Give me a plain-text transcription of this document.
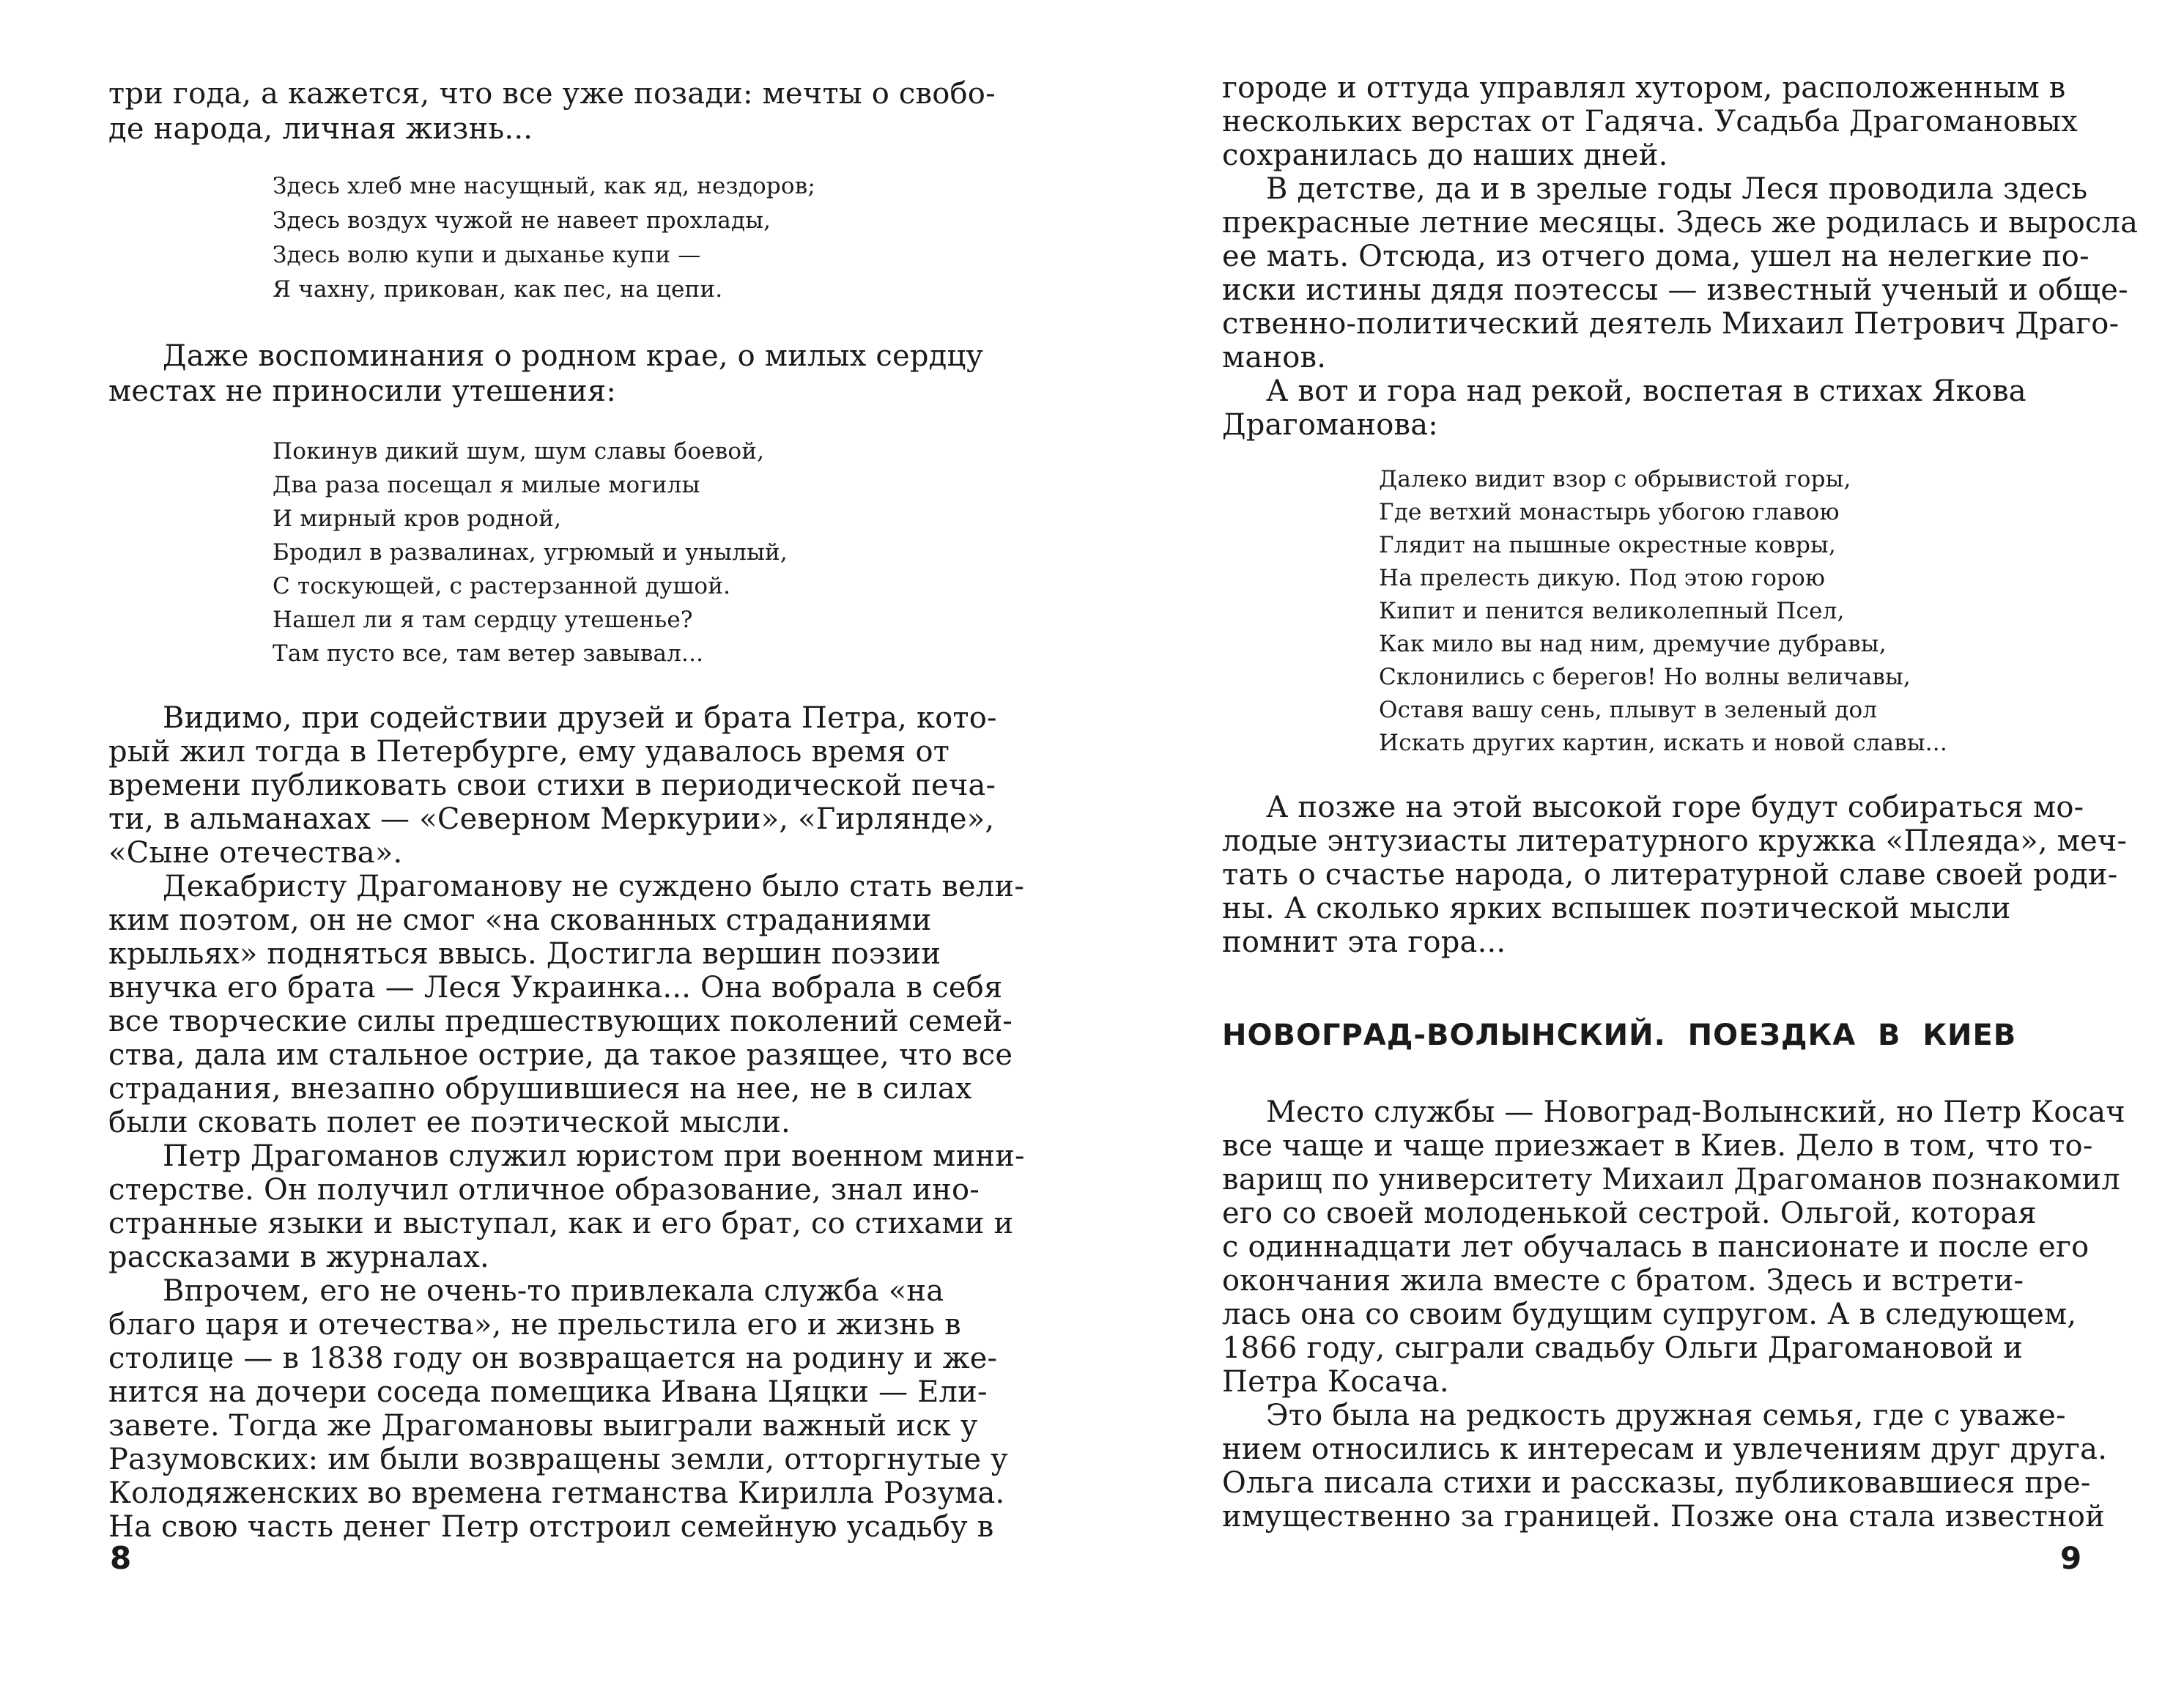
три года, а кажется, что все уже позади: мечты о свобо-
де народа, личная жизнь...
Здесь хлеб мне насущный, как яд, нездоров;
Здесь воздух чужой не навеет прохлады,
Здесь волю купи и дыханье купи —
Я чахну, прикован, как пес, на цепи.
Даже воспоминания о родном крае, о милых сердцу
местах не приносили утешения:
Покинув дикий шум, шум славы боевой,
Два раза посещал я милые могилы
И мирный кров родной,
Бродил в развалинах, угрюмый и унылый,
С тоскующей, с растерзанной душой.
Нашел ли я там сердцу утешенье?
Там пусто все, там ветер завывал...
Видимо, при содействии друзей и брата Петра, кото-
рый жил тогда в Петербурге, ему удавалось время от
времени публиковать свои стихи в периодической печа-
ти, в альманахах — «Северном Меркурии», «Гирлянде»,
«Сыне отечества».
Декабристу Драгоманову не суждено было стать вели-
ким поэтом, он не смог «на скованных страданиями
крыльях» подняться ввысь. Достигла вершин поэзии
внучка его брата — Леся Украинка... Она вобрала в себя
все творческие силы предшествующих поколений семей-
ства, дала им стальное острие, да такое разящее, что все
страдания, внезапно обрушившиеся на нее, не в силах
были сковать полет ее поэтической мысли.
Петр Драгоманов служил юристом при военном мини-
стерстве. Он получил отличное образование, знал ино-
странные языки и выступал, как и его брат, со стихами и
рассказами в журналах.
Впрочем, его не очень-то привлекала служба «на
благо царя и отечества», не прельстила его и жизнь в
столице — в 1838 году он возвращается на родину и же-
нится на дочери соседа помещика Ивана Цяцки — Ели-
завете. Тогда же Драгомановы выиграли важный иск у
Разумовских: им были возвращены земли, отторгнутые у
Колодяженских во времена гетманства Кирилла Розума.
На свою часть денег Петр отстроил семейную усадьбу в
8
городе и оттуда управлял хутором, расположенным в
нескольких верстах от Гадяча. Усадьба Драгомановых
сохранилась до наших дней.
В детстве, да и в зрелые годы Леся проводила здесь
прекрасные летние месяцы. Здесь же родилась и выросла
ее мать. Отсюда, из отчего дома, ушел на нелегкие по-
иски истины дядя поэтессы — известный ученый и обще-
ственно-политический деятель Михаил Петрович Драго-
манов.
А вот и гора над рекой, воспетая в стихах Якова
Драгоманова:
Далеко видит взор с обрывистой горы,
Где ветхий монастырь убогою главою
Глядит на пышные окрестные ковры,
На прелесть дикую. Под этою горою
Кипит и пенится великолепный Псел,
Как мило вы над ним, дремучие дубравы,
Склонились с берегов! Но волны величавы,
Оставя вашу сень, плывут в зеленый дол
Искать других картин, искать и новой славы...
А позже на этой высокой горе будут собираться мо-
лодые энтузиасты литературного кружка «Плеяда», меч-
тать о счастье народа, о литературной славе своей роди-
ны. А сколько ярких вспышек поэтической мысли
помнит эта гора...
НОВОГРАД-ВОЛЫНСКИЙ.  ПОЕЗДКА  В  КИЕВ
Место службы — Новоград-Волынский, но Петр Косач
все чаще и чаще приезжает в Киев. Дело в том, что то-
варищ по университету Михаил Драгоманов познакомил
его со своей молоденькой сестрой. Ольгой, которая
с одиннадцати лет обучалась в пансионате и после его
окончания жила вместе с братом. Здесь и встрети-
лась она со своим будущим супругом. А в следующем,
1866 году, сыграли свадьбу Ольги Драгомановой и
Петра Косача.
Это была на редкость дружная семья, где с уваже-
нием относились к интересам и увлечениям друг друга.
Ольга писала стихи и рассказы, публиковавшиеся пре-
имущественно за границей. Позже она стала известной
9
